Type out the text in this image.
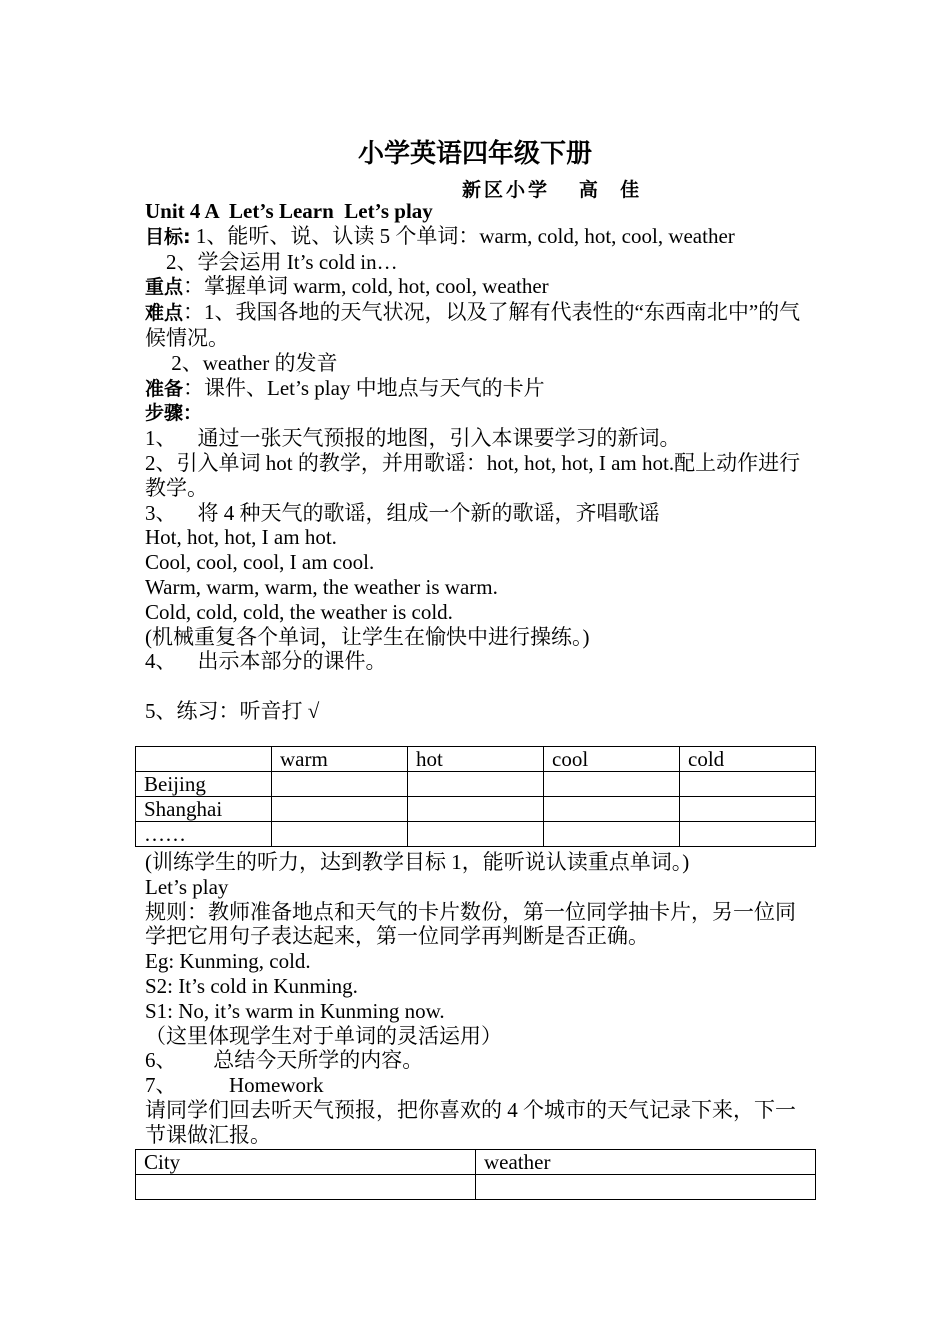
小学英语四年级下册
新区小学   高  佳
Unit 4 A  Let’s Learn  Let’s play
目标: 1、能听、说、认读 5 个单词：warm, cold, hot, cool, weather
2、学会运用 It’s cold in…
重点：掌握单词 warm, cold, hot, cool, weather
难点：1、我国各地的天气状况，以及了解有代表性的“东西南北中”的气候情况。
2、weather 的发音
准备：课件、Let’s play 中地点与天气的卡片
步骤：
1、    通过一张天气预报的地图，引入本课要学习的新词。
2、引入单词 hot 的教学，并用歌谣：hot, hot, hot, I am hot.配上动作进行教学。
3、    将 4 种天气的歌谣，组成一个新的歌谣，齐唱歌谣
Hot, hot, hot, I am hot.
Cool, cool, cool, I am cool.
Warm, warm, warm, the weather is warm.
Cold, cold, cold, the weather is cold.
(机械重复各个单词，让学生在愉快中进行操练。)
4、    出示本部分的课件。
5、练习：听音打 √
	warm	hot	cool	cold
Beijing				
Shanghai				
……				
(训练学生的听力，达到教学目标 1，能听说认读重点单词。)
Let’s play
规则：教师准备地点和天气的卡片数份，第一位同学抽卡片，另一位同学把它用句子表达起来，第一位同学再判断是否正确。
Eg: Kunming, cold.
S2: It’s cold in Kunming.
S1: No, it’s warm in Kunming now.
（这里体现学生对于单词的灵活运用）
6、       总结今天所学的内容。
7、          Homework
请同学们回去听天气预报，把你喜欢的 4 个城市的天气记录下来，下一节课做汇报。
City	weather
